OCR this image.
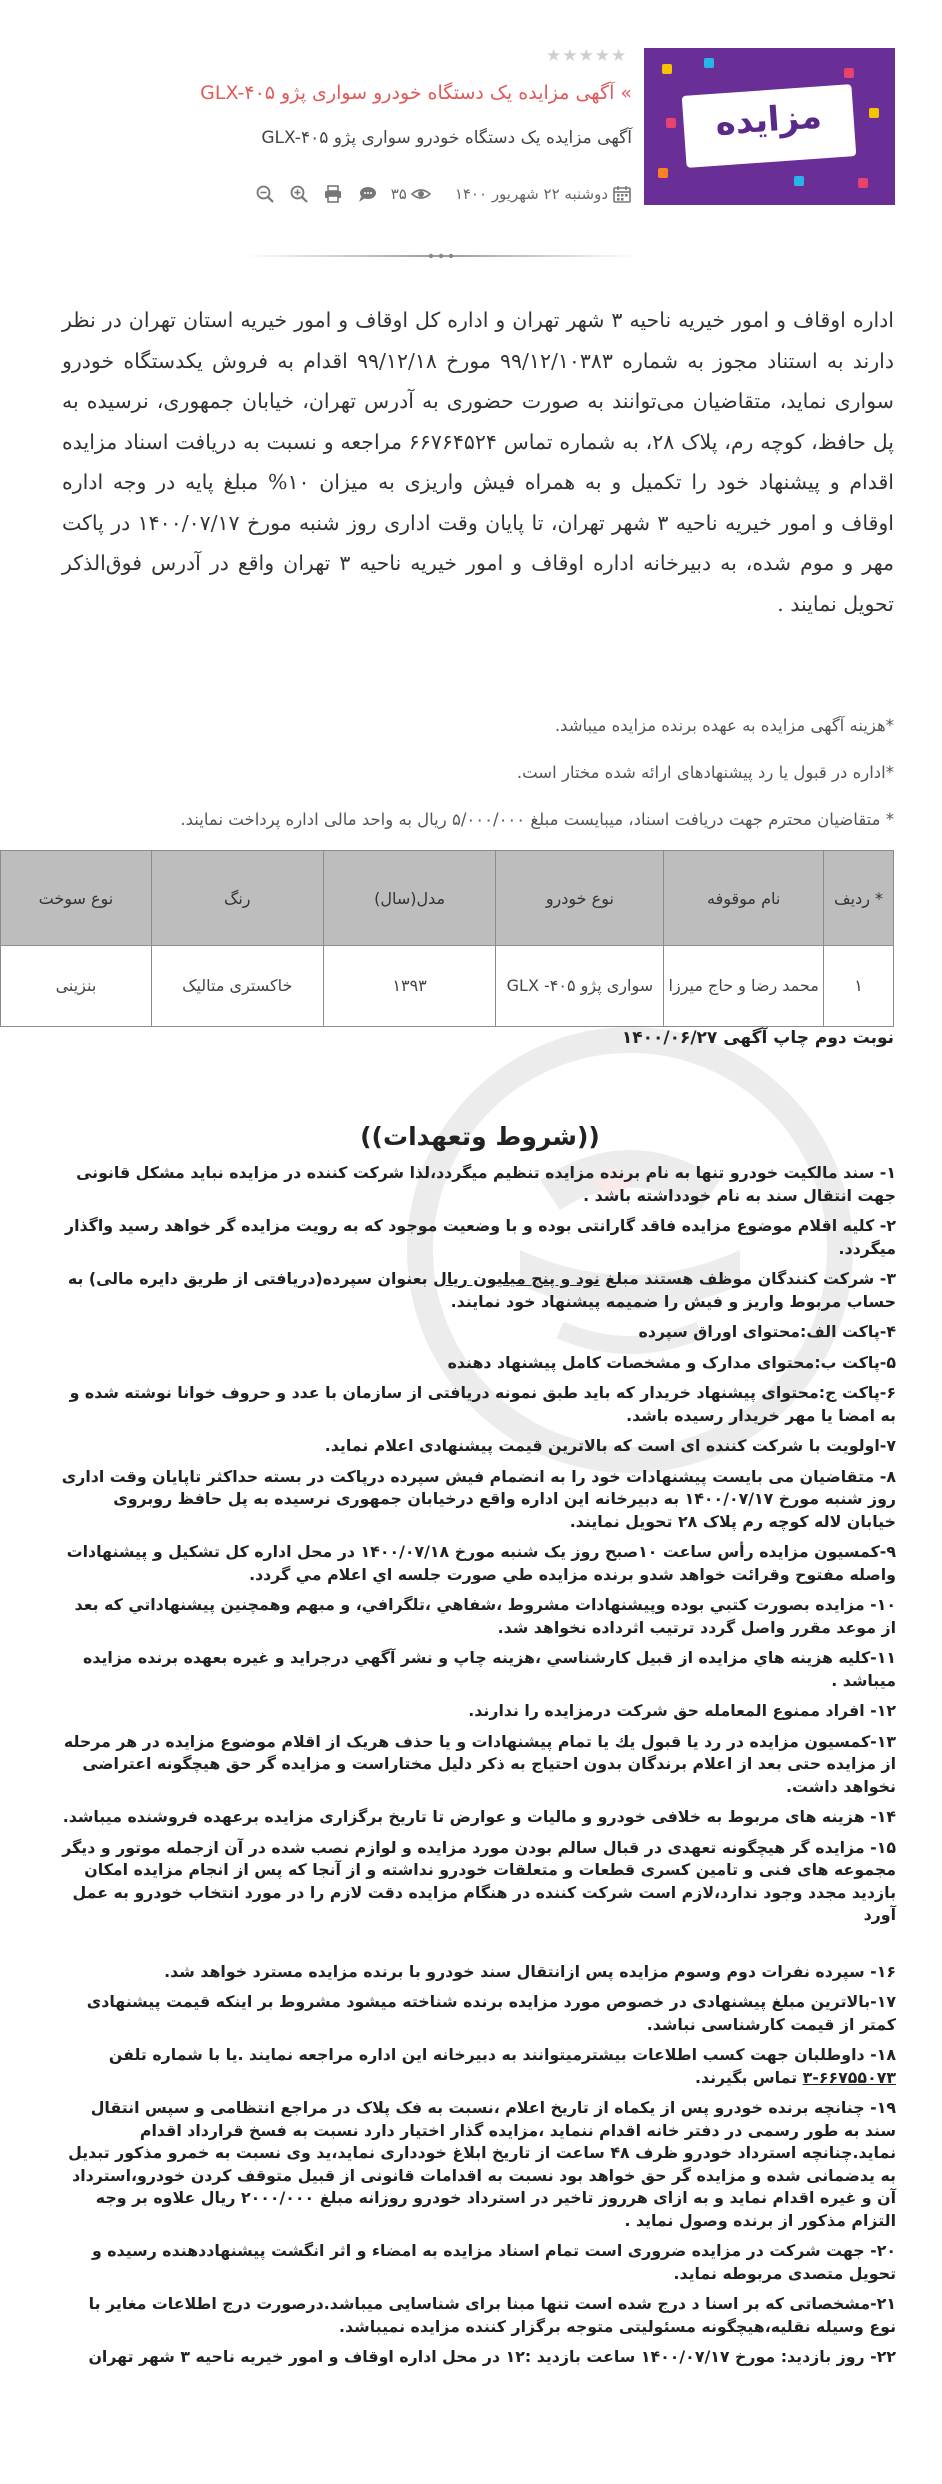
مزایده
★★★★★
»آگهی مزایده یک دستگاه خودرو سواری پژو GLX-۴۰۵
آگهی مزایده یک دستگاه خودرو سواری پژو GLX-۴۰۵
دوشنبه ۲۲ شهریور ۱۴۰۰
۳۵
اداره اوقاف و امور خیریه ناحیه ۳ شهر تهران و اداره کل اوقاف و امور خیریه استان تهران در نظر دارند به استناد مجوز به شماره ۹۹/۱۲/۱۰۳۸۳ مورخ ۹۹/۱۲/۱۸ اقدام به فروش یکدستگاه خودرو سواری نماید، متقاضیان می‌توانند به صورت حضوری به آدرس تهران، خیابان جمهوری، نرسیده به پل حافظ، کوچه رم، پلاک ۲۸، به شماره تماس ۶۶۷۶۴۵۲۴ مراجعه و نسبت به دریافت اسناد مزایده اقدام و پیشنهاد خود را تکمیل و به همراه فیش واریزی به میزان ۱۰% مبلغ پایه در وجه اداره اوقاف و امور خیریه ناحیه ۳ شهر تهران، تا پایان وقت اداری روز شنبه مورخ ۱۴۰۰/۰۷/۱۷ در پاکت مهر و موم شده، به دبیرخانه اداره اوقاف و امور خیریه ناحیه ۳ تهران واقع در آدرس فوق‌الذکر تحویل نمایند .
*هزینه آگهی مزایده به عهده برنده مزایده میباشد.
*اداره در قبول یا رد پیشنهادهای ارائه شده مختار است.
* متقاضیان محترم جهت دریافت اسناد، میبایست مبلغ ۵/۰۰۰/۰۰۰ ریال به واحد مالی اداره پرداخت نمایند.
* ردیف	نام موقوفه	نوع خودرو	مدل(سال)	رنگ	نوع سوخت
۱	محمد رضا و حاج میرزا	سواری پژو ۴۰۵- GLX	۱۳۹۳	خاکستری متالیک	بنزینی
نوبت دوم چاپ آگهی ۱۴۰۰/۰۶/۲۷
((شروط وتعهدات))

۱- سند مالکیت خودرو تنها به نام برنده مزایده تنظیم میگردد،لذا شرکت کننده در مزایده نباید مشکل قانونی جهت انتقال سند به نام خودداشته باشد .

۲- کلیه اقلام موضوع مزایده فاقد گارانتی بوده و با وضعیت موجود که به رویت مزایده گر خواهد رسید واگذار میگردد.

۳- شرکت کنندگان موظف هستند مبلغ نود و پنج میلیون ریال بعنوان سپرده(دریافتی از طریق دایره مالی) به حساب مربوط واریز و فیش را ضمیمه پیشنهاد خود نمایند.

۴-پاکت الف:محتوای اوراق سپرده

۵-پاکت ب:محتوای مدارک و مشخصات کامل پیشنهاد دهنده

۶-پاکت ج:محتوای پیشنهاد خریدار که باید طبق نمونه دریافتی از سازمان با عدد و حروف خوانا نوشته شده و به امضا یا مهر خریدار رسیده باشد.

۷-اولویت با شرکت کننده ای است که بالاترین قیمت پیشنهادی اعلام نماید.

۸- متقاضیان می بایست پیشنهادات خود را به انضمام فیش سپرده درپاکت در بسته حداکثر تاپایان وقت اداری روز شنبه مورخ ۱۴۰۰/۰۷/۱۷ به دبیرخانه این اداره واقع درخیابان جمهوری نرسیده به پل حافظ روبروی خیابان لاله کوچه رم پلاک ۲۸ تحویل نمایند.

۹-کمسیون مزایده رأس ساعت ۱۰صبح روز یک شنبه مورخ ۱۴۰۰/۰۷/۱۸ در محل اداره کل تشکیل و پیشنهادات واصله مفتوح وقرائت خواهد شدو برنده مزایده طي صورت جلسه اي اعلام مي گردد.

۱۰- مزايده بصورت كتبي بوده وپيشنهادات مشروط ،شفاهي ،تلگرافي، و مبهم وهمچنين پيشنهاداتي كه بعد از موعد مقرر واصل گردد ترتيب اثرداده نخواهد شد.

۱۱-کلیه هزینه هاي مزايده از قبيل كارشناسي ،هزينه چاپ و نشر آگهي درجرايد و غيره بعهده برنده مزايده ميباشد .

۱۲- افراد ممنوع المعامله حق شرکت درمزایده را ندارند.

۱۳-کمسیون مزایده در رد یا قبول یك یا تمام پیشنهادات و یا حذف هریک از اقلام موضوع مزایده در هر مرحله از مزایده حتی بعد از اعلام برندگان بدون احتیاج به ذکر دلیل مختاراست و مزایده گر حق هیچگونه اعتراضی نخواهد داشت.

۱۴- هزینه های مربوط به خلافی خودرو و مالیات و عوارض تا تاریخ برگزاری مزایده برعهده فروشنده میباشد.

۱۵- مزایده گر هیچگونه تعهدی در قبال سالم بودن مورد مزایده و لوازم نصب شده در آن ازجمله موتور و دیگر مجموعه های فنی و تامین کسری قطعات و متعلقات خودرو نداشته و از آنجا که پس از انجام مزایده امکان بازدید مجدد وجود ندارد،لازم است شرکت کننده در هنگام مزایده دقت لازم را در مورد انتخاب خودرو به عمل آورد

۱۶- سپرده نفرات دوم وسوم مزایده پس ازانتقال سند خودرو با برنده مزایده مسترد خواهد شد.

۱۷-بالاترین مبلغ پیشنهادی در خصوص مورد مزایده برنده شناخته میشود مشروط بر اینکه قیمت پیشنهادی کمتر از قیمت کارشناسی نباشد.

۱۸- داوطلبان جهت کسب اطلاعات بیشترمیتوانند به دبیرخانه این اداره مراجعه نمایند .یا با شماره تلفن ۶۶۷۵۵۰۷۳-۳ تماس بگیرند.

۱۹- چنانچه برنده خودرو پس از یکماه از تاریخ اعلام ،نسبت به فک پلاک در مراجع انتظامی و سپس انتقال سند به طور رسمی در دفتر خانه اقدام ننماید ،مزایده گذار اختیار دارد نسبت به فسخ قرارداد اقدام نماید.چنانچه استرداد خودرو ظرف ۴۸ ساعت از تاریخ ابلاغ خودداری نماید،ید وی نسبت به خمرو مذکور تبدیل به یدضمانی شده و مزایده گر حق خواهد بود نسبت به اقدامات قانونی از قبیل متوقف کردن خودرو،استرداد آن و غیره اقدام نماید و به ازای هرروز تاخیر در استرداد خودرو روزانه مبلغ ۲۰۰۰/۰۰۰ ریال علاوه بر وجه التزام مذکور از برنده وصول نماید .

۲۰- جهت شرکت در مزایده ضروری است تمام اسناد مزایده به امضاء و اثر انگشت پیشنهاددهنده رسیده و تحویل متصدی مربوطه نماید.

۲۱-مشخصاتی که بر اسنا د درج شده است تنها مبنا برای شناسایی میباشد.درصورت درج اطلاعات مغایر با نوع وسیله نقلیه،هیچگونه مسئولیتی متوجه برگزار کننده مزایده نمیباشد.

۲۲- روز بازدید: مورخ ۱۴۰۰/۰۷/۱۷ ساعت بازدید :۱۲ در محل اداره اوقاف و امور خیریه ناحیه ۳ شهر تهران
